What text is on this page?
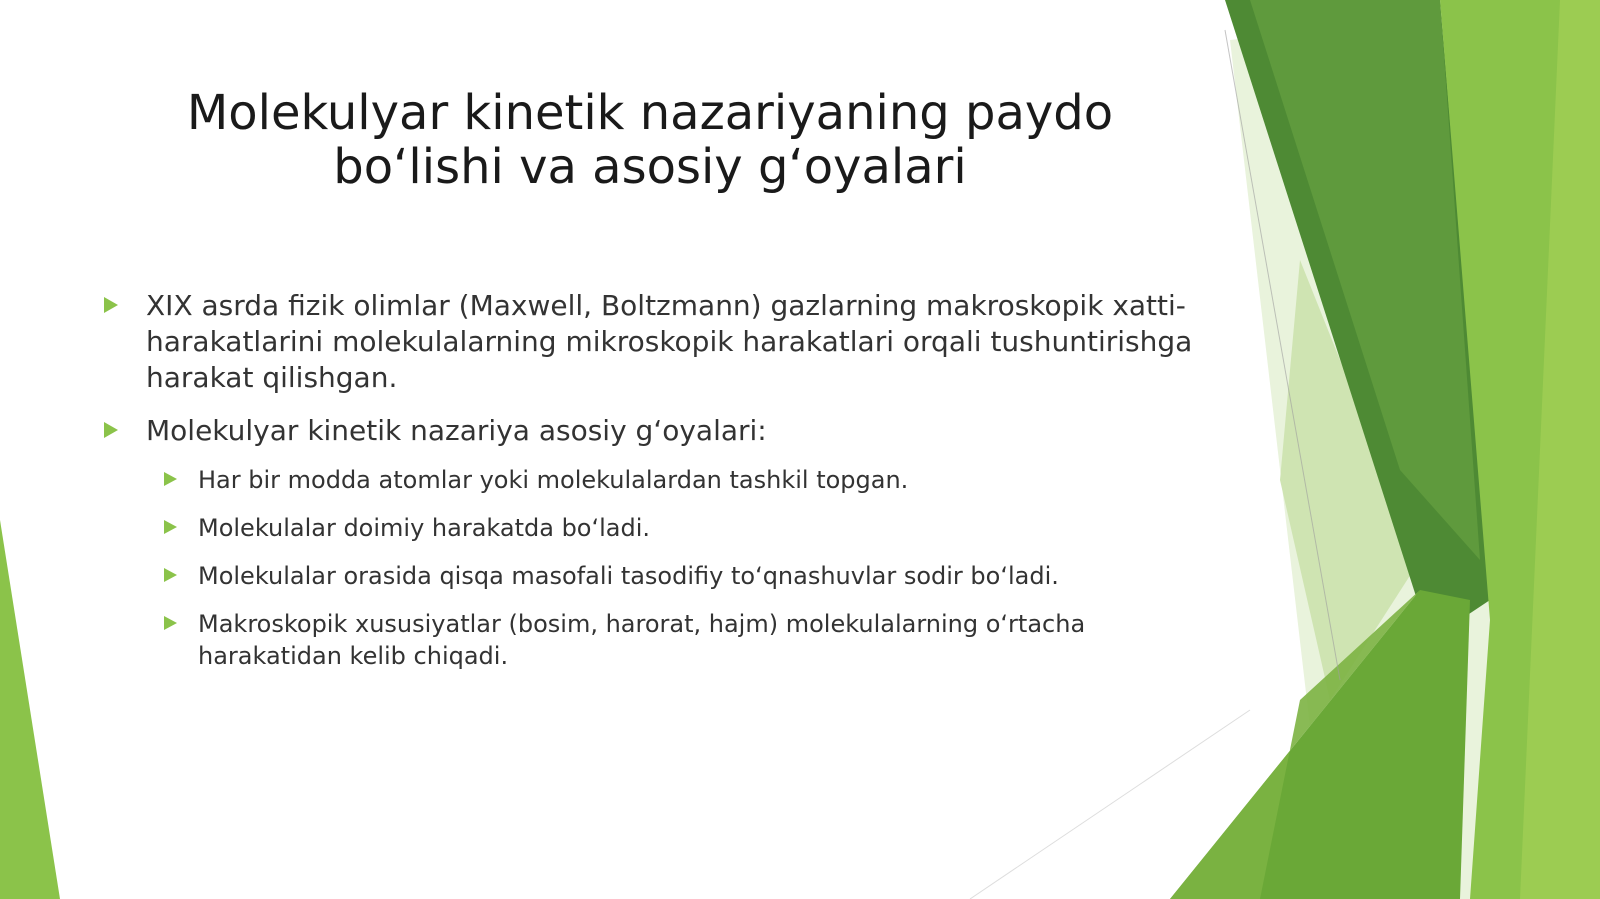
Molekulyar kinetik nazariyaning paydo bo‘lishi va asosiy g‘oyalari
XIX asrda fizik olimlar (Maxwell, Boltzmann) gazlarning makroskopik xatti-harakatlarini molekulalarning mikroskopik harakatlari orqali tushuntirishga harakat qilishgan.
Molekulyar kinetik nazariya asosiy g‘oyalari:
Har bir modda atomlar yoki molekulalardan tashkil topgan.
Molekulalar doimiy harakatda bo‘ladi.
Molekulalar orasida qisqa masofali tasodifiy to‘qnashuvlar sodir bo‘ladi.
Makroskopik xususiyatlar (bosim, harorat, hajm) molekulalarning o‘rtacha harakatidan kelib chiqadi.
